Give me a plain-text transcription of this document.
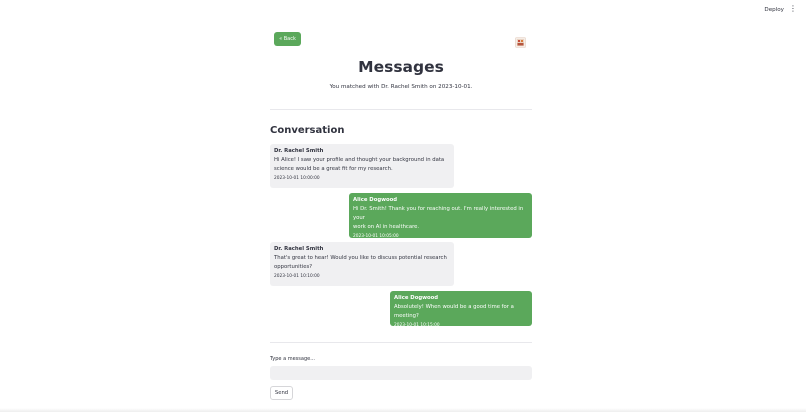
Deploy ⋮
« Back
Messages
You matched with Dr. Rachel Smith on 2023-10-01.
Conversation
Dr. Rachel Smith
Hi Alice! I saw your profile and thought your background in data
science would be a great fit for my research.
2023-10-01 10:00:00
Alice Dogwood
Hi Dr. Smith! Thank you for reaching out. I'm really interested in your
work on AI in healthcare.
2023-10-01 10:05:00
Dr. Rachel Smith
That's great to hear! Would you like to discuss potential research
opportunities?
2023-10-01 10:10:00
Alice Dogwood
Absolutely! When would be a good time for a meeting?
2023-10-01 10:15:00
Type a message...
Send
